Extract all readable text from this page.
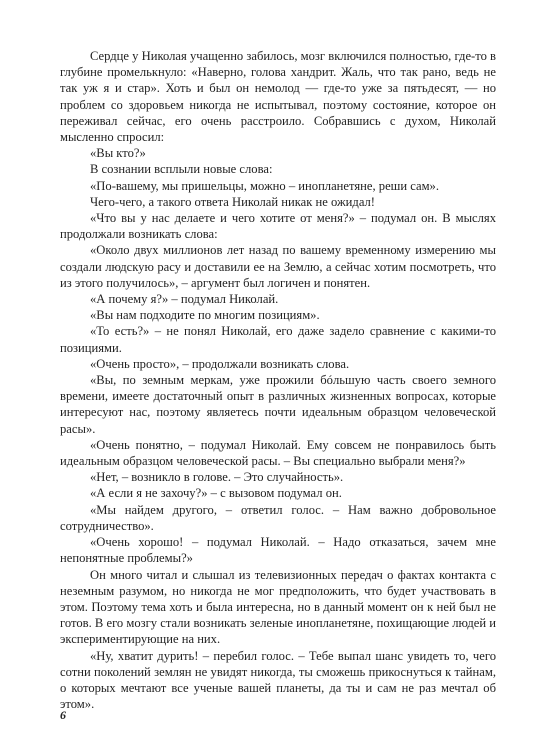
Сердце у Николая учащенно забилось, мозг включился полностью, где-то в глубине промелькнуло: «Наверно, голова хандрит. Жаль, что так рано, ведь не так уж я и стар». Хоть и был он немолод — где-то уже за пятьдесят, — но проблем со здоровьем никогда не испытывал, поэтому состояние, которое он переживал сейчас, его очень расстроило. Собравшись с духом, Николай мысленно спросил:

«Вы кто?»

В сознании всплыли новые слова:

«По-вашему, мы пришельцы, можно – инопланетяне, реши сам».

Чего-чего, а такого ответа Николай никак не ожидал!

«Что вы у нас делаете и чего хотите от меня?» – подумал он. В мыслях продолжали возникать слова:

«Около двух миллионов лет назад по вашему временному измерению мы создали людскую расу и доставили ее на Землю, а сейчас хотим посмотреть, что из этого получилось», – аргумент был логичен и понятен.

«А почему я?» – подумал Николай.

«Вы нам подходите по многим позициям».

«То есть?» – не понял Николай, его даже задело сравнение с какими-то позициями.

«Очень просто», – продолжали возникать слова.

«Вы, по земным меркам, уже прожили бóльшую часть своего земного времени, имеете достаточный опыт в различных жизненных вопросах, которые интересуют нас, поэтому являетесь почти идеальным образцом человеческой расы».

«Очень понятно, – подумал Николай. Ему совсем не понравилось быть идеальным образцом человеческой расы. – Вы специально выбрали меня?»

«Нет, – возникло в голове. – Это случайность».

«А если я не захочу?» – с вызовом подумал он.

«Мы найдем другого, – ответил голос. – Нам важно добровольное сотрудничество».

«Очень хорошо! – подумал Николай. – Надо отказаться, зачем мне непонятные проблемы?»

Он много читал и слышал из телевизионных передач о фактах контакта с неземным разумом, но никогда не мог предположить, что будет участвовать в этом. Поэтому тема хоть и была интересна, но в данный момент он к ней был не готов. В его мозгу стали возникать зеленые инопланетяне, похищающие людей и экспериментирующие на них.

«Ну, хватит дурить! – перебил голос. – Тебе выпал шанс увидеть то, чего сотни поколений землян не увидят никогда, ты сможешь прикоснуться к тайнам, о которых мечтают все ученые вашей планеты, да ты и сам не раз мечтал об этом».

6
